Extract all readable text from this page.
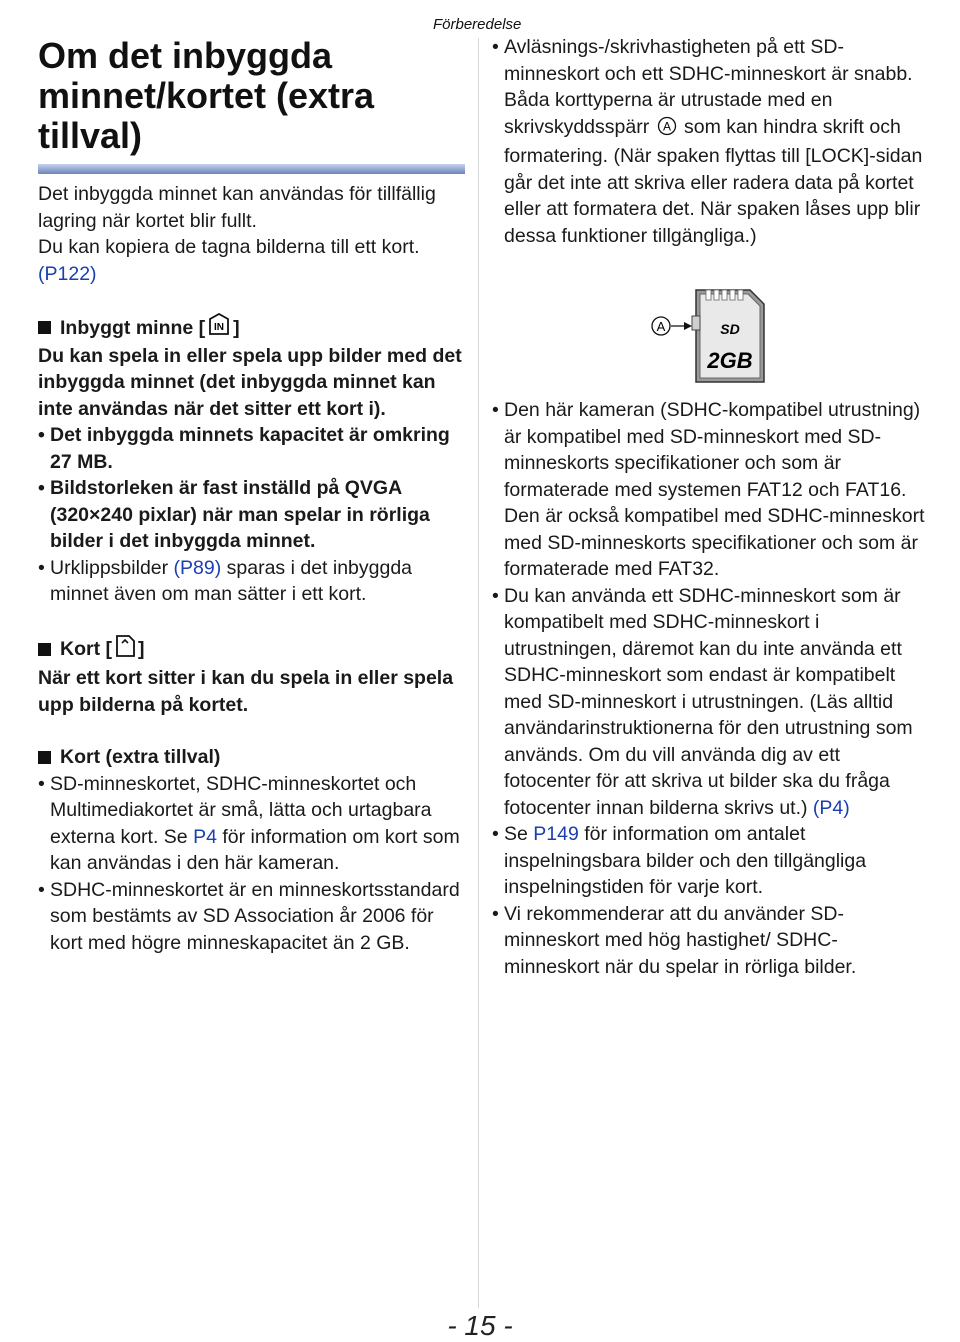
Förberedelse
Om det inbyggda minnet/kortet (extra tillval)

Det inbyggda minnet kan användas för tillfällig lagring när kortet blir fullt.

Du kan kopiera de tagna bilderna till ett kort. (P122)

Inbyggt minne [ IN ]

Du kan spela in eller spela upp bilder med det inbyggda minnet (det inbyggda minnet kan inte användas när det sitter ett kort i).

• Det inbyggda minnets kapacitet är omkring 27 MB.

• Bildstorleken är fast inställd på QVGA (320×240 pixlar) när man spelar in rörliga bilder i det inbyggda minnet.

• Urklippsbilder (P89) sparas i det inbyggda minnet även om man sätter i ett kort.

Kort [ ]

När ett kort sitter i kan du spela in eller spela upp bilderna på kortet.

Kort (extra tillval)

• SD-minneskortet, SDHC-minneskortet och Multimediakortet är små, lätta och urtagbara externa kort. Se P4 för information om kort som kan användas i den här kameran.

• SDHC-minneskortet är en minneskortsstandard som bestämts av SD Association år 2006 för kort med högre minneskapacitet än 2 GB.

• Avläsnings-/skrivhastigheten på ett SD-minneskort och ett SDHC-minneskort är snabb. Båda korttyperna är utrustade med en skrivskyddsspärr A som kan hindra skrift och formatering. (När spaken flyttas till [LOCK]-sidan går det inte att skriva eller radera data på kortet eller att formatera det. När spaken låses upp blir dessa funktioner tillgängliga.)

A	SD
2GB

• Den här kameran (SDHC-kompatibel utrustning) är kompatibel med SD-minneskort med SD-minneskorts specifikationer och som är formaterade med systemen FAT12 och FAT16. Den är också kompatibel med SDHC-minneskort med SD-minneskorts specifikationer och som är formaterade med FAT32.

• Du kan använda ett SDHC-minneskort som är kompatibelt med SDHC-minneskort i utrustningen, däremot kan du inte använda ett SDHC-minneskort som endast är kompatibelt med SD-minneskort i utrustningen. (Läs alltid användarinstruktionerna för den utrustning som används. Om du vill använda dig av ett fotocenter för att skriva ut bilder ska du fråga fotocenter innan bilderna skrivs ut.) (P4)

• Se P149 för information om antalet inspelningsbara bilder och den tillgängliga inspelningstiden för varje kort.

• Vi rekommenderar att du använder SD-minneskort med hög hastighet/ SDHC-minneskort när du spelar in rörliga bilder.

- 15 -
